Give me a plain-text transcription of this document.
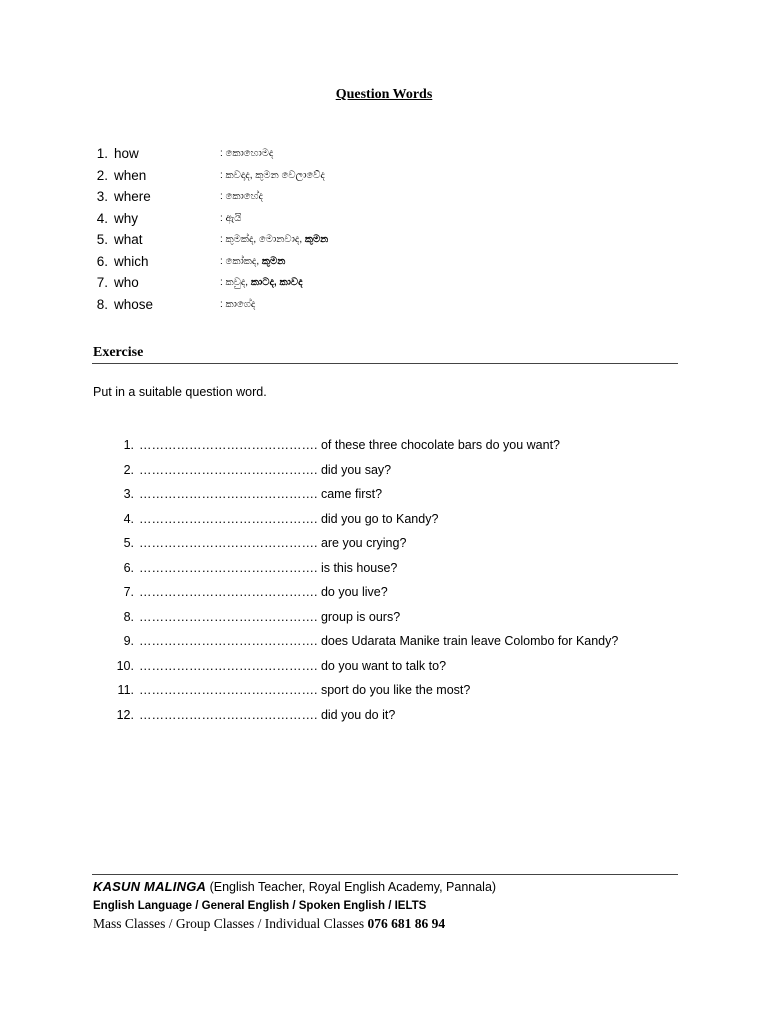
Question Words
1. how	: කොහොමද
2. when	: කවදාද, කුමන වෙලාවේද
3. where	: කොහේද
4. why	: ඇයි
5. what	: කුමක්ද, මොනවාද, කුමන
6. which	: කෝකද, කුමන
7. who	: කවුද, කාටද, කාවද
8. whose	: කාගේද
Exercise
Put in a suitable question word.
1. ……………………………………. of these three chocolate bars do you want?
2. ……………………………………. did you say?
3. ……………………………………. came first?
4. ……………………………………. did you go to Kandy?
5. ……………………………………. are you crying?
6. ……………………………………. is this house?
7. ……………………………………. do you live?
8. ……………………………………. group is ours?
9. ……………………………………. does Udarata Manike train leave Colombo for Kandy?
10. ……………………………………. do you want to talk to?
11. ……………………………………. sport do you like the most?
12. ……………………………………. did you do it?
KASUN MALINGA (English Teacher, Royal English Academy, Pannala)
English Language / General English / Spoken English / IELTS
Mass Classes / Group Classes / Individual Classes 076 681 86 94
